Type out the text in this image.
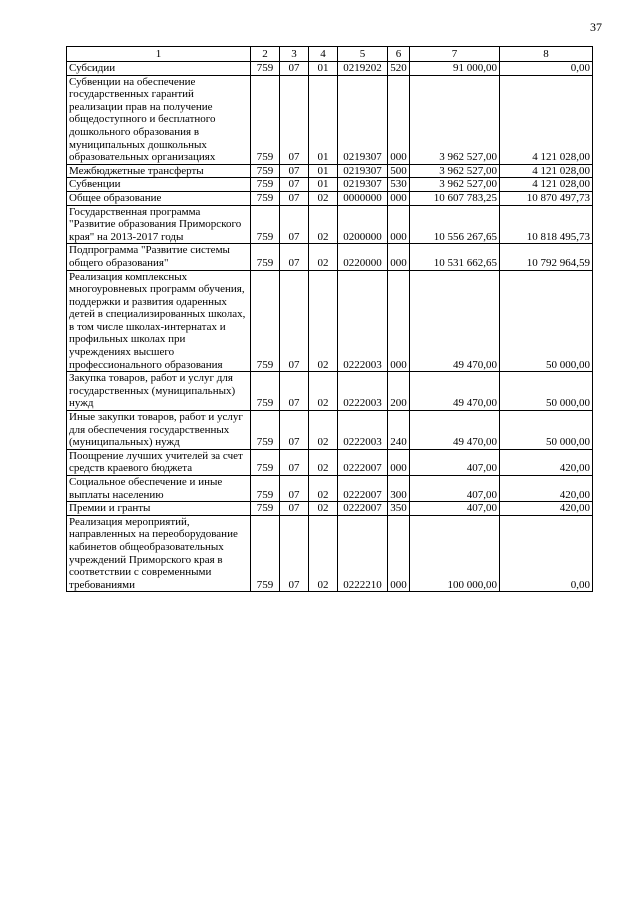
37
1	2	3	4	5	6	7	8
Субсидии	759	07	01	0219202	520	91 000,00	0,00
Субвенции на обеспечение государственных гарантий реализации прав на получение общедоступного и бесплатного дошкольного образования в муниципальных дошкольных образовательных организациях	759	07	01	0219307	000	3 962 527,00	4 121 028,00
Межбюджетные трансферты	759	07	01	0219307	500	3 962 527,00	4 121 028,00
Субвенции	759	07	01	0219307	530	3 962 527,00	4 121 028,00
Общее образование	759	07	02	0000000	000	10 607 783,25	10 870 497,73
Государственная программа "Развитие образования Приморского края" на 2013-2017 годы	759	07	02	0200000	000	10 556 267,65	10 818 495,73
Подпрограмма "Развитие системы общего образования"	759	07	02	0220000	000	10 531 662,65	10 792 964,59
Реализация комплексных многоуровневых программ обучения, поддержки и развития одаренных детей в специализированных школах, в том числе школах-интернатах и профильных школах при учреждениях высшего профессионального образования	759	07	02	0222003	000	49 470,00	50 000,00
Закупка товаров, работ и услуг для государственных (муниципальных) нужд	759	07	02	0222003	200	49 470,00	50 000,00
Иные закупки товаров, работ и услуг для обеспечения государственных (муниципальных) нужд	759	07	02	0222003	240	49 470,00	50 000,00
Поощрение лучших учителей за счет средств краевого бюджета	759	07	02	0222007	000	407,00	420,00
Социальное обеспечение и иные выплаты населению	759	07	02	0222007	300	407,00	420,00
Премии и гранты	759	07	02	0222007	350	407,00	420,00
Реализация мероприятий, направленных на переоборудование кабинетов общеобразовательных учреждений Приморского края в соответствии с современными требованиями	759	07	02	0222210	000	100 000,00	0,00
